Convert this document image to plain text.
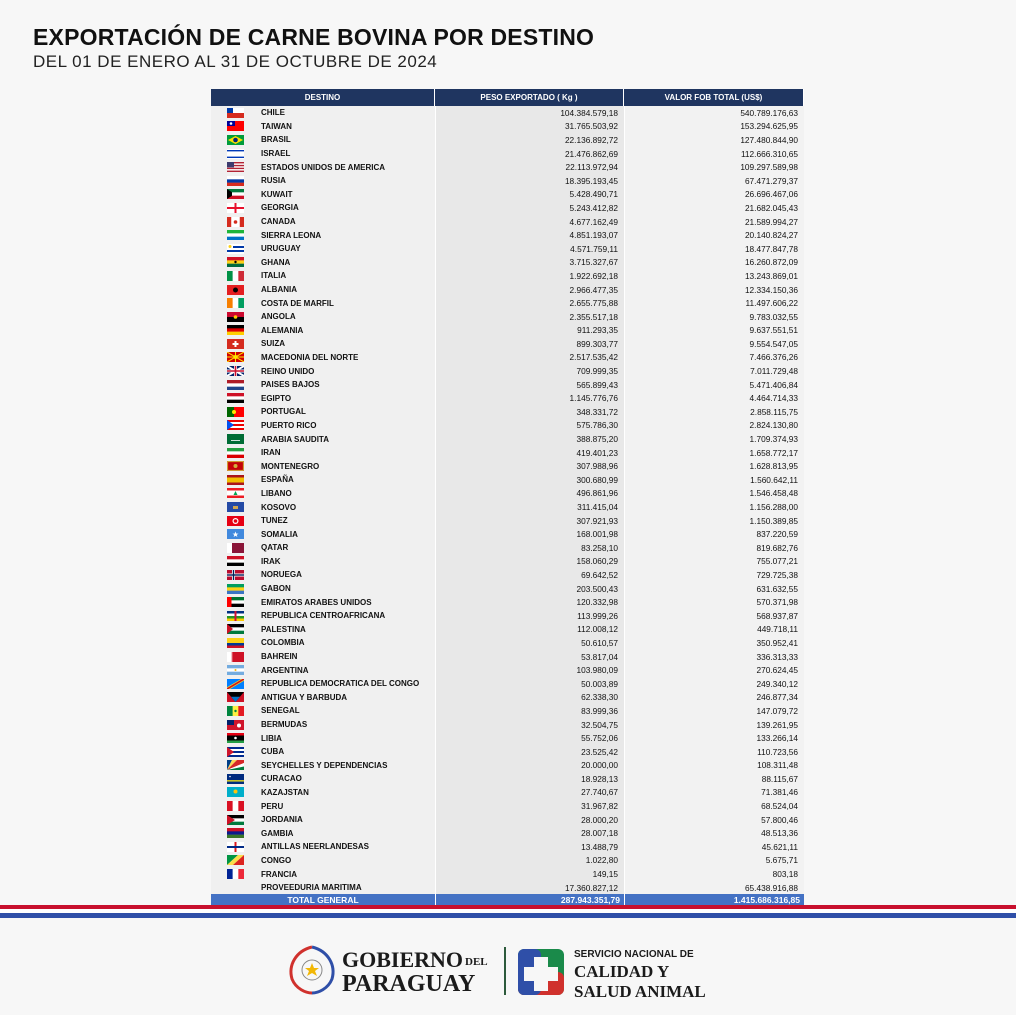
EXPORTACIÓN DE CARNE BOVINA POR DESTINO
DEL 01 DE ENERO AL 31 DE OCTUBRE DE 2024
DESTINO	PESO EXPORTADO ( Kg )	VALOR FOB TOTAL (US$)
CHILE	104.384.579,18	540.789.176,63
TAIWAN	31.765.503,92	153.294.625,95
BRASIL	22.136.892,72	127.480.844,90
ISRAEL	21.476.862,69	112.666.310,65
ESTADOS UNIDOS DE AMERICA	22.113.972,94	109.297.589,98
RUSIA	18.395.193,45	67.471.279,37
KUWAIT	5.428.490,71	26.696.467,06
GEORGIA	5.243.412,82	21.682.045,43
CANADA	4.677.162,49	21.589.994,27
SIERRA LEONA	4.851.193,07	20.140.824,27
URUGUAY	4.571.759,11	18.477.847,78
GHANA	3.715.327,67	16.260.872,09
ITALIA	1.922.692,18	13.243.869,01
ALBANIA	2.966.477,35	12.334.150,36
COSTA DE MARFIL	2.655.775,88	11.497.606,22
ANGOLA	2.355.517,18	9.783.032,55
ALEMANIA	911.293,35	9.637.551,51
SUIZA	899.303,77	9.554.547,05
MACEDONIA DEL NORTE	2.517.535,42	7.466.376,26
REINO UNIDO	709.999,35	7.011.729,48
PAISES BAJOS	565.899,43	5.471.406,84
EGIPTO	1.145.776,76	4.464.714,33
PORTUGAL	348.331,72	2.858.115,75
PUERTO RICO	575.786,30	2.824.130,80
ARABIA SAUDITA	388.875,20	1.709.374,93
IRAN	419.401,23	1.658.772,17
MONTENEGRO	307.988,96	1.628.813,95
ESPAÑA	300.680,99	1.560.642,11
LIBANO	496.861,96	1.546.458,48
KOSOVO	311.415,04	1.156.288,00
TUNEZ	307.921,93	1.150.389,85
SOMALIA	168.001,98	837.220,59
QATAR	83.258,10	819.682,76
IRAK	158.060,29	755.077,21
NORUEGA	69.642,52	729.725,38
GABON	203.500,43	631.632,55
EMIRATOS ARABES UNIDOS	120.332,98	570.371,98
REPUBLICA CENTROAFRICANA	113.999,26	568.937,87
PALESTINA	112.008,12	449.718,11
COLOMBIA	50.610,57	350.952,41
BAHREIN	53.817,04	336.313,33
ARGENTINA	103.980,09	270.624,45
REPUBLICA DEMOCRATICA DEL CONGO	50.003,89	249.340,12
ANTIGUA Y BARBUDA	62.338,30	246.877,34
SENEGAL	83.999,36	147.079,72
BERMUDAS	32.504,75	139.261,95
LIBIA	55.752,06	133.266,14
CUBA	23.525,42	110.723,56
SEYCHELLES Y DEPENDENCIAS	20.000,00	108.311,48
CURACAO	18.928,13	88.115,67
KAZAJSTAN	27.740,67	71.381,46
PERU	31.967,82	68.524,04
JORDANIA	28.000,20	57.800,46
GAMBIA	28.007,18	48.513,36
ANTILLAS NEERLANDESAS	13.488,79	45.621,11
CONGO	1.022,80	5.675,71
FRANCIA	149,15	803,18
PROVEEDURIA MARITIMA	17.360.827,12	65.438.916,88
TOTAL GENERAL	287.943.351,79	1.415.686.316,85
GOBIERNO DEL
PARAGUAY
SERVICIO NACIONAL DE
CALIDAD Y
SALUD ANIMAL
